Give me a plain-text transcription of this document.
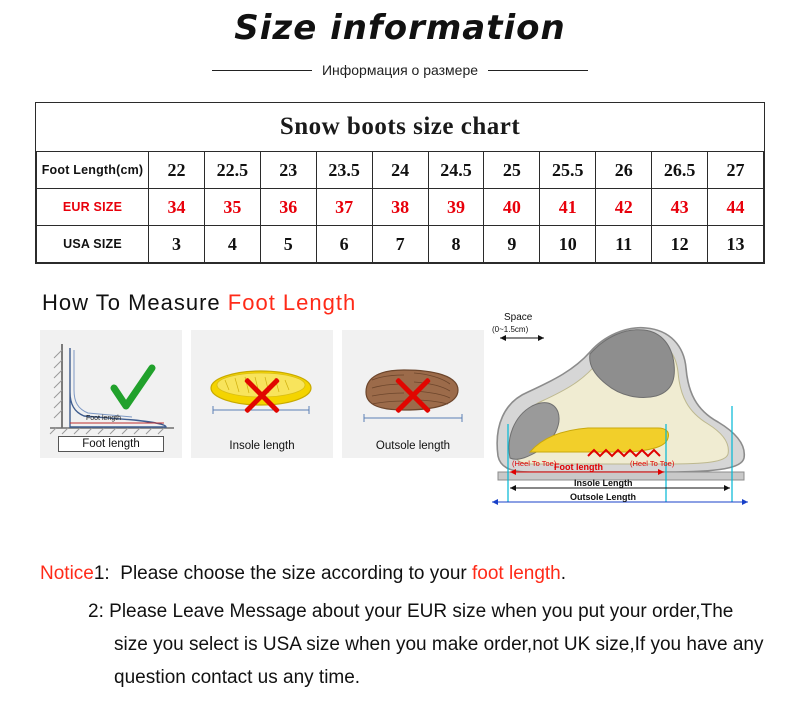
Size information
Информация о размере
Snow boots size chart
Foot Length(cm)	22	22.5	23	23.5	24	24.5	25	25.5	26	26.5	27
EUR SIZE	34	35	36	37	38	39	40	41	42	43	44
USA SIZE	3	4	5	6	7	8	9	10	11	12	13
How To Measure Foot Length
Foot length
Foot length	Insole length	Outsole length
Space
(0~1.5cm)
(Heel To Toe)	(Heel To Toe)
Foot length
Insole Length
Outsole Length
Notice1: Please choose the size according to your foot length.
2: Please Leave Message about your EUR size when you put your order,The size you select is USA size when you make order,not UK size,If you have any question contact us any time.
